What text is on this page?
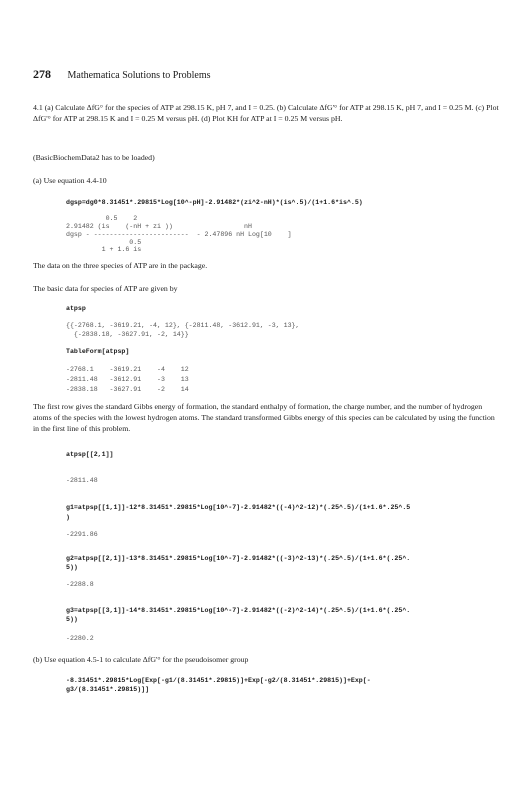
278 Mathematica Solutions to Problems
4.1 (a) Calculate ΔfG° for the species of ATP at 298.15 K, pH 7, and I = 0.25. (b) Calculate ΔfG'° for ATP at 298.15 K, pH 7, and I = 0.25 M. (c) Plot ΔfG'° for ATP at 298.15 K and I = 0.25 M versus pH. (d) Plot KH for ATP at I = 0.25 M versus pH.
(BasicBiochemData2 has to be loaded)
(a) Use equation 4.4-10
dgsp=dg0*8.31451*.29815*Log[10^-pH]-2.91482*(zi^2-nH)*(is^.5)/(1+1.6*is^.5)
0.5    2
2.91482 (is    (-nH + zi ))                  nH
dgsp - ------------------------  - 2.47896 nH Log[10    ]
0.5
1 + 1.6 is
The data on the three species of ATP are in the package.
The basic data for species of ATP are given by
atpsp
{{-2768.1, -3619.21, -4, 12}, {-2811.48, -3612.91, -3, 13},
{-2838.18, -3627.91, -2, 14}}
TableForm[atpsp]
-2768.1    -3619.21    -4    12
-2811.48   -3612.91    -3    13
-2838.18   -3627.91    -2    14
The first row gives the standard Gibbs energy of formation, the standard enthalpy of formation, the charge number, and the number of hydrogen atoms of the species with the lowest hydrogen atoms. The standard transformed Gibbs energy of this species can be calculated by using the function in the first line of this problem.
atpsp[[2,1]]
-2811.48
g1=atpsp[[1,1]]-12*8.31451*.29815*Log[10^-7]-2.91482*((-4)^2-12)*(.25^.5)/(1+1.6*.25^.5
)
-2291.86
g2=atpsp[[2,1]]-13*8.31451*.29815*Log[10^-7]-2.91482*((-3)^2-13)*(.25^.5)/(1+1.6*(.25^.
5))
-2288.8
g3=atpsp[[3,1]]-14*8.31451*.29815*Log[10^-7]-2.91482*((-2)^2-14)*(.25^.5)/(1+1.6*(.25^.
5))
-2280.2
(b) Use equation 4.5-1 to calculate ΔfG'° for the pseudoisomer group
-8.31451*.29815*Log[Exp[-g1/(8.31451*.29815)]+Exp[-g2/(8.31451*.29815)]+Exp[-
g3/(8.31451*.29815)]]
